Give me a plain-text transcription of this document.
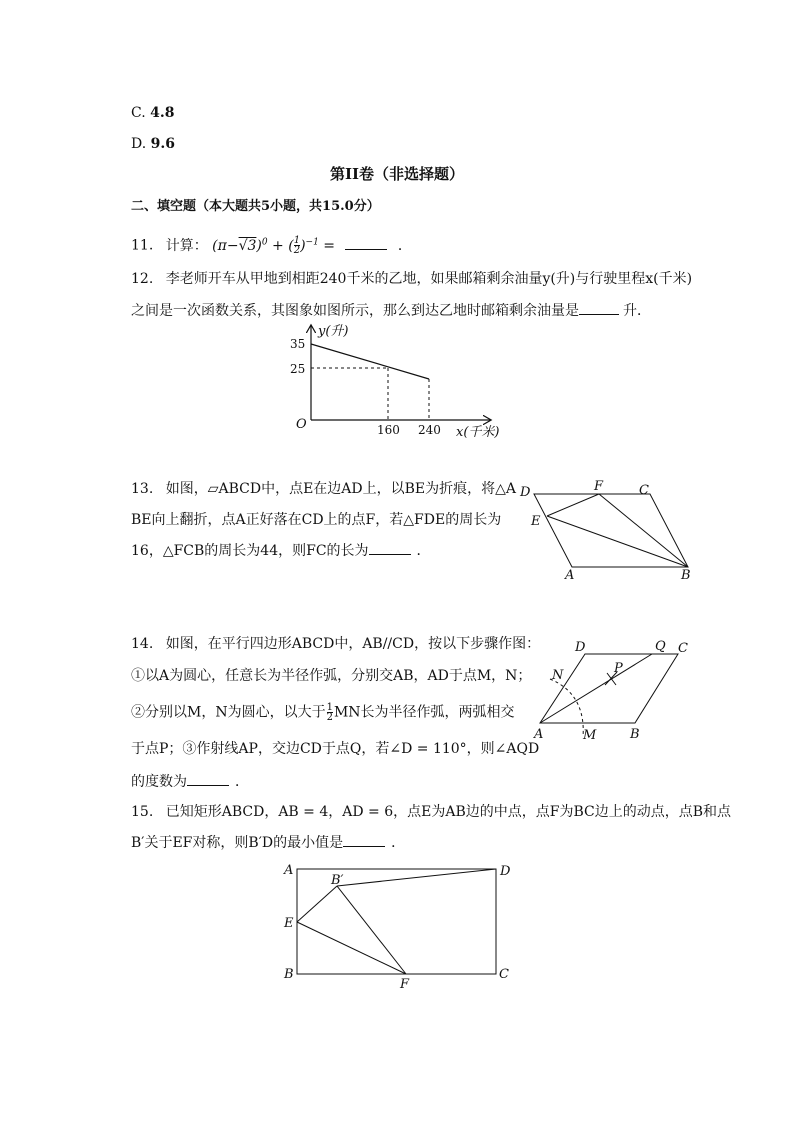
C. 4.8
D. 9.6
第II卷（非选择题）
二、填空题（本大题共5小题，共15.0分）
11. 计算： $(\pi-√3)^0$ + ( $\frac{1}{2} )^{-1}$ =	．
12. 李老师开车从甲地到相距240千米的乙地，如果邮箱剩余油量y(升)与行驶里程x(千米)
之间是一次函数关系，其图象如图所示，那么到达乙地时邮箱剩余油量是	升．
y(升)
35
25
O	160 240 x(千米)
13. 如图，▱ABCD中，点E在边AD上，以BE为折痕，将△A
BE向上翻折，点A正好落在CD上的点F，若△FDE的周长为
16，△FCB的周长为44，则FC的长为	．
D	F	C
E
A	B
14. 如图，在平行四边形ABCD中，AB//CD，按以下步骤作图：
①以A为圆心，任意长为半径作弧，分别交AB，AD于点M，N；
②分别以M，N为圆心，以大于 $\frac{1}{2}$ MN长为半径作弧，两弧相交
于点P；③作射线AP，交边CD于点Q，若∠D = 110°，则∠AQD
的度数为	．
D	Q C
N	P
A	M	B
15. 已知矩形ABCD，AB = 4，AD = 6，点E为AB边的中点，点F为BC边上的动点，点B和点
B′关于EF对称，则B′D的最小值是	．
A
B′
D
E
B
F
C
